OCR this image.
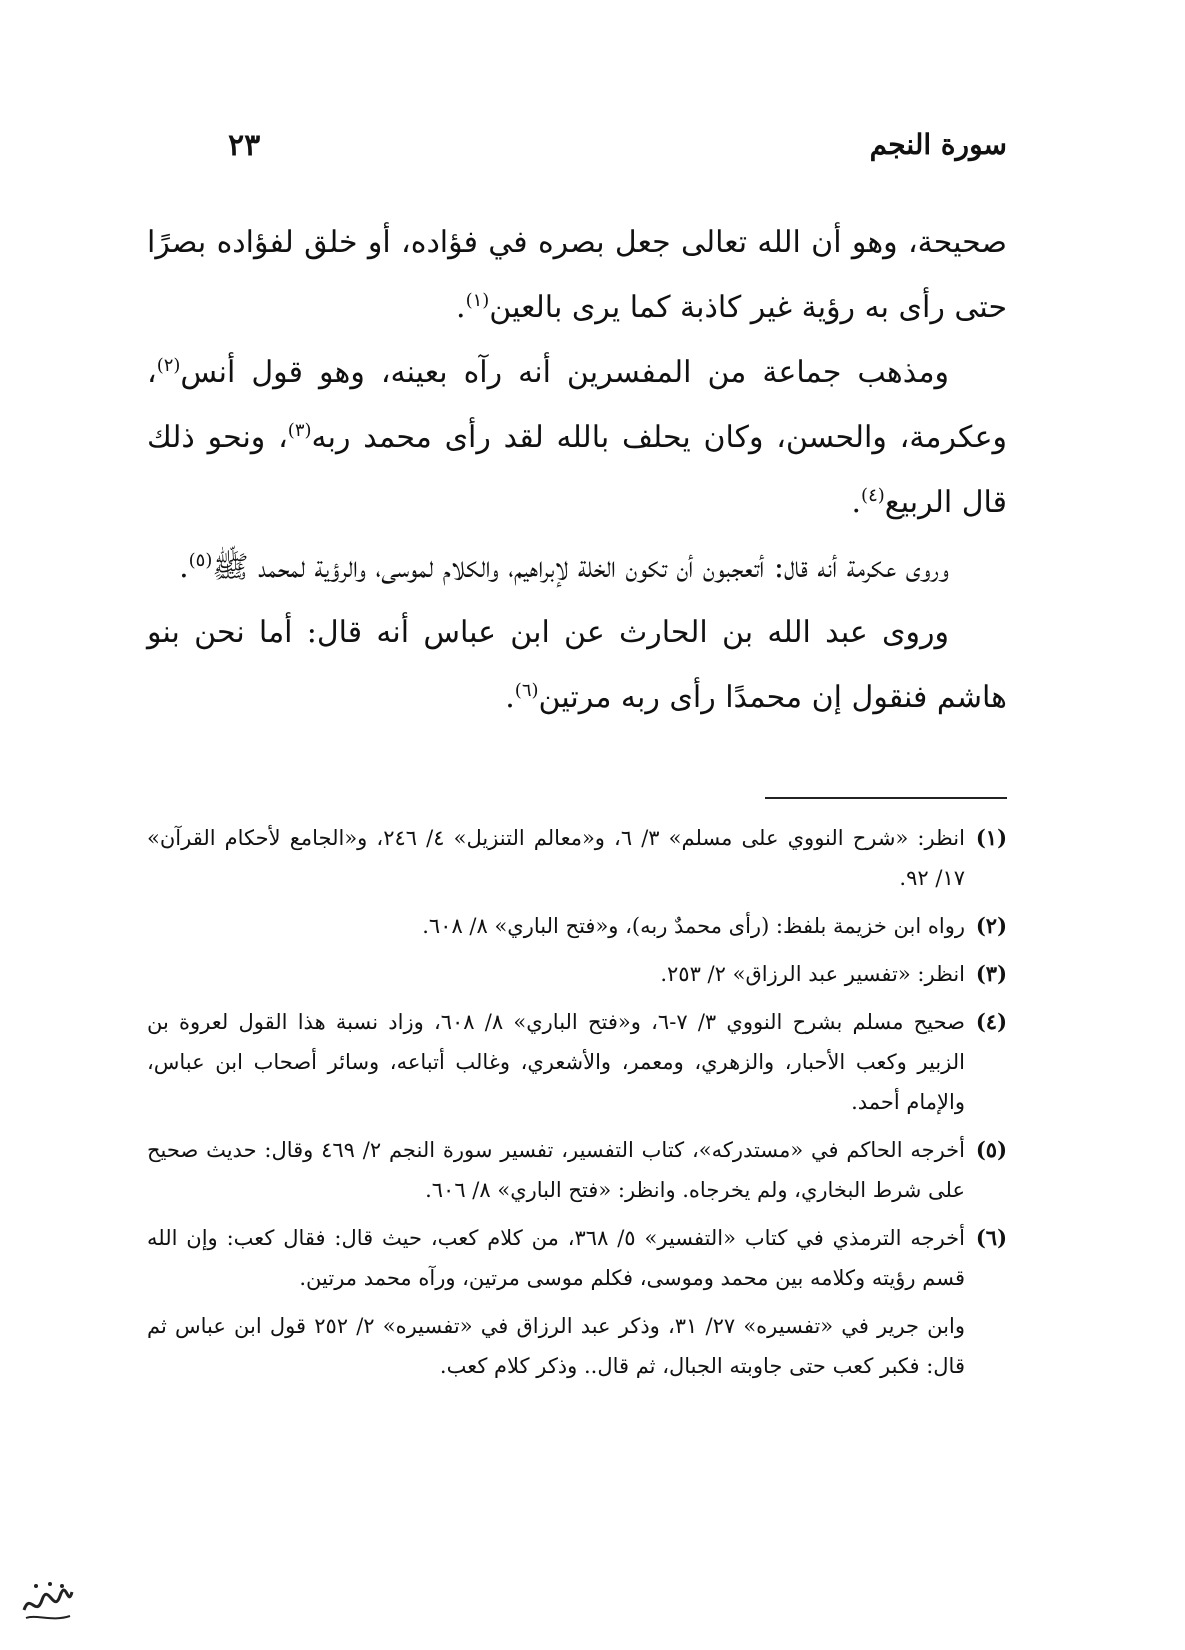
سورة النجم
٢٣

صحيحة، وهو أن الله تعالى جعل بصره في فؤاده، أو خلق لفؤاده بصرًا حتى رأى به رؤية غير كاذبة كما يرى بالعين$^{(١)}$.

ومذهب جماعة من المفسرين أنه رآه بعينه، وهو قول أنس$^{(٢)}$، وعكرمة، والحسن، وكان يحلف بالله لقد رأى محمد ربه$^{(٣)}$، ونحو ذلك قال الربيع$^{(٤)}$.

وروى عكرمة أنه قال: أتعجبون أن تكون الخلة لإبراهيم، والكلام لموسى، والرؤية لمحمد ﷺ$^{(٥)}$.

وروى عبد الله بن الحارث عن ابن عباس أنه قال: أما نحن بنو هاشم فنقول إن محمدًا رأى ربه مرتين$^{(٦)}$.

(١)
انظر: «شرح النووي على مسلم» ٣/ ٦، و«معالم التنزيل» ٤/ ٢٤٦، و«الجامع لأحكام القرآن» ١٧/ ٩٢.
(٢)
رواه ابن خزيمة بلفظ: (رأى محمدٌ ربه)، و«فتح الباري» ٨/ ٦٠٨.
(٣)
انظر: «تفسير عبد الرزاق» ٢/ ٢٥٣.
(٤)
صحيح مسلم بشرح النووي ٣/ ٧-٦، و«فتح الباري» ٨/ ٦٠٨، وزاد نسبة هذا القول لعروة بن الزبير وكعب الأحبار، والزهري، ومعمر، والأشعري، وغالب أتباعه، وسائر أصحاب ابن عباس، والإمام أحمد.
(٥)
أخرجه الحاكم في «مستدركه»، كتاب التفسير، تفسير سورة النجم ٢/ ٤٦٩ وقال: حديث صحيح على شرط البخاري، ولم يخرجاه. وانظر: «فتح الباري» ٨/ ٦٠٦.
(٦)
أخرجه الترمذي في كتاب «التفسير» ٥/ ٣٦٨، من كلام كعب، حيث قال: فقال كعب: وإن الله قسم رؤيته وكلامه بين محمد وموسى، فكلم موسى مرتين، ورآه محمد مرتين.

وابن جرير في «تفسيره» ٢٧/ ٣١، وذكر عبد الرزاق في «تفسيره» ٢/ ٢٥٢ قول ابن عباس ثم قال: فكبر كعب حتى جاوبته الجبال، ثم قال.. وذكر كلام كعب.
